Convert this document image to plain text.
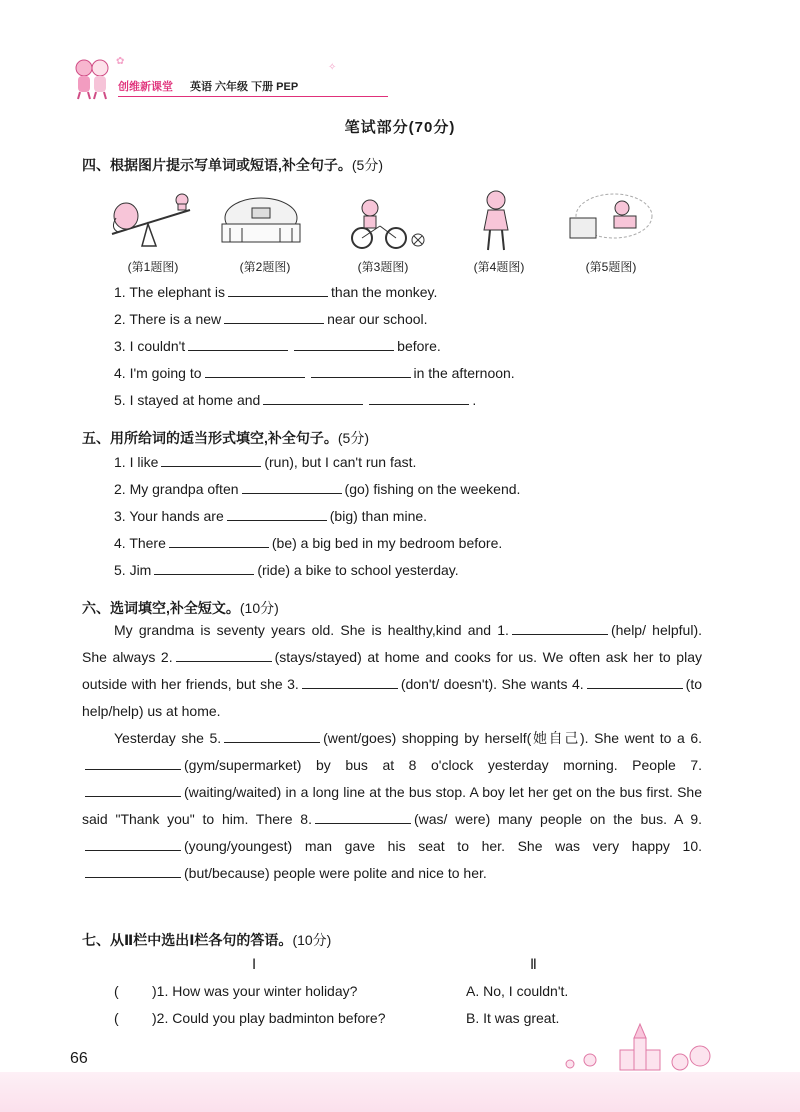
创维新课堂 英语 六年级 下册 PEP
✿
✧
笔试部分(70分)
四、根据图片提示写单词或短语,补全句子。(5分)
(第1题图)	(第2题图)	(第3题图)	(第4题图)	(第5题图)
1. The elephant is	than the monkey.
2. There is a new	near our school.
3. I couldn't	before.
4. I'm going to	in the afternoon.
5. I stayed at home and	.
五、用所给词的适当形式填空,补全句子。(5分)
1. I like	(run), but I can't run fast.
2. My grandpa often	(go) fishing on the weekend.
3. Your hands are	(big) than mine.
4. There	(be) a big bed in my bedroom before.
5. Jim	(ride) a bike to school yesterday.
六、选词填空,补全短文。(10分)
My grandma is seventy years old. She is healthy,kind and 1.	(help/ helpful). She always 2.	(stays/stayed) at home and cooks for us. We often ask her to play outside with her friends, but she 3.	(don't/ doesn't). She wants 4.	(to help/help) us at home.
Yesterday she 5.	(went/goes) shopping by herself(她自己). She went to a 6.(gym/supermarket) by bus at 8 o'clock yesterday morning. People 7.(waiting/waited) in a long line at the bus stop. A boy let her get on the bus first. She said "Thank you" to him. There 8.	(was/ were) many people on the bus. A 9.(young/youngest) man gave his seat to her. She was very happy 10.(but/because) people were polite and nice to her.
七、从Ⅱ栏中选出Ⅰ栏各句的答语。(10分)
Ⅰ	Ⅱ
( )1. How was your winter holiday?	A. No, I couldn't.
( )2. Could you play badminton before?	B. It was great.
66
